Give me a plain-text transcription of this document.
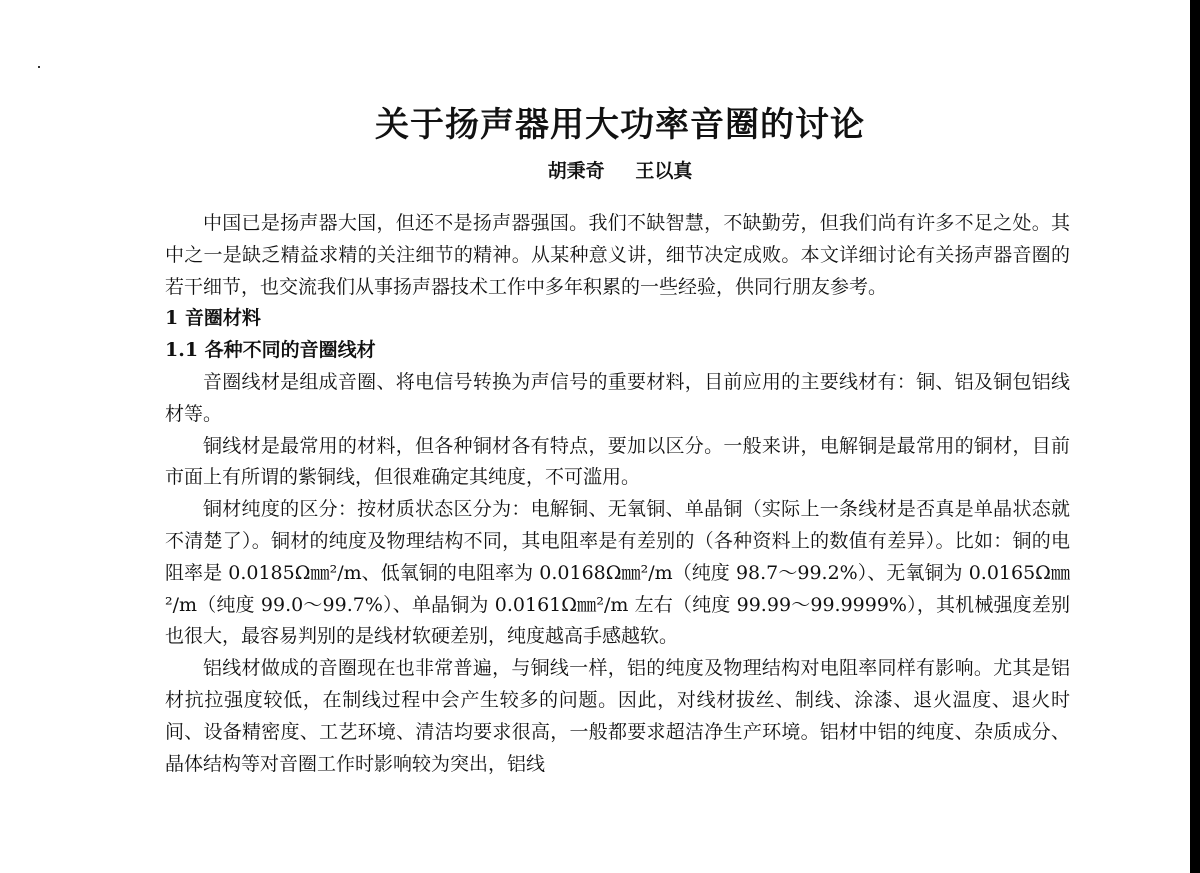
关于扬声器用大功率音圈的讨论
胡秉奇 王以真

中国已是扬声器大国，但还不是扬声器强国。我们不缺智慧，不缺勤劳，但我们尚有许多不足之处。其中之一是缺乏精益求精的关注细节的精神。从某种意义讲，细节决定成败。本文详细讨论有关扬声器音圈的若干细节，也交流我们从事扬声器技术工作中多年积累的一些经验，供同行朋友参考。

1 音圈材料
1.1 各种不同的音圈线材

音圈线材是组成音圈、将电信号转换为声信号的重要材料，目前应用的主要线材有：铜、铝及铜包铝线材等。

铜线材是最常用的材料，但各种铜材各有特点，要加以区分。一般来讲，电解铜是最常用的铜材，目前市面上有所谓的紫铜线，但很难确定其纯度，不可滥用。

铜材纯度的区分：按材质状态区分为：电解铜、无氧铜、单晶铜（实际上一条线材是否真是单晶状态就不清楚了）。铜材的纯度及物理结构不同，其电阻率是有差别的（各种资料上的数值有差异）。比如：铜的电阻率是 0.0185Ω㎜²/m、低氧铜的电阻率为 0.0168Ω㎜²/m（纯度 98.7～99.2%）、无氧铜为 0.0165Ω㎜²/m（纯度 99.0～99.7%）、单晶铜为 0.0161Ω㎜²/m 左右（纯度 99.99～99.9999%），其机械强度差别也很大，最容易判别的是线材软硬差别，纯度越高手感越软。

铝线材做成的音圈现在也非常普遍，与铜线一样，铝的纯度及物理结构对电阻率同样有影响。尤其是铝材抗拉强度较低，在制线过程中会产生较多的问题。因此，对线材拔丝、制线、涂漆、退火温度、退火时间、设备精密度、工艺环境、清洁均要求很高，一般都要求超洁净生产环境。铝材中铝的纯度、杂质成分、晶体结构等对音圈工作时影响较为突出，铝线
